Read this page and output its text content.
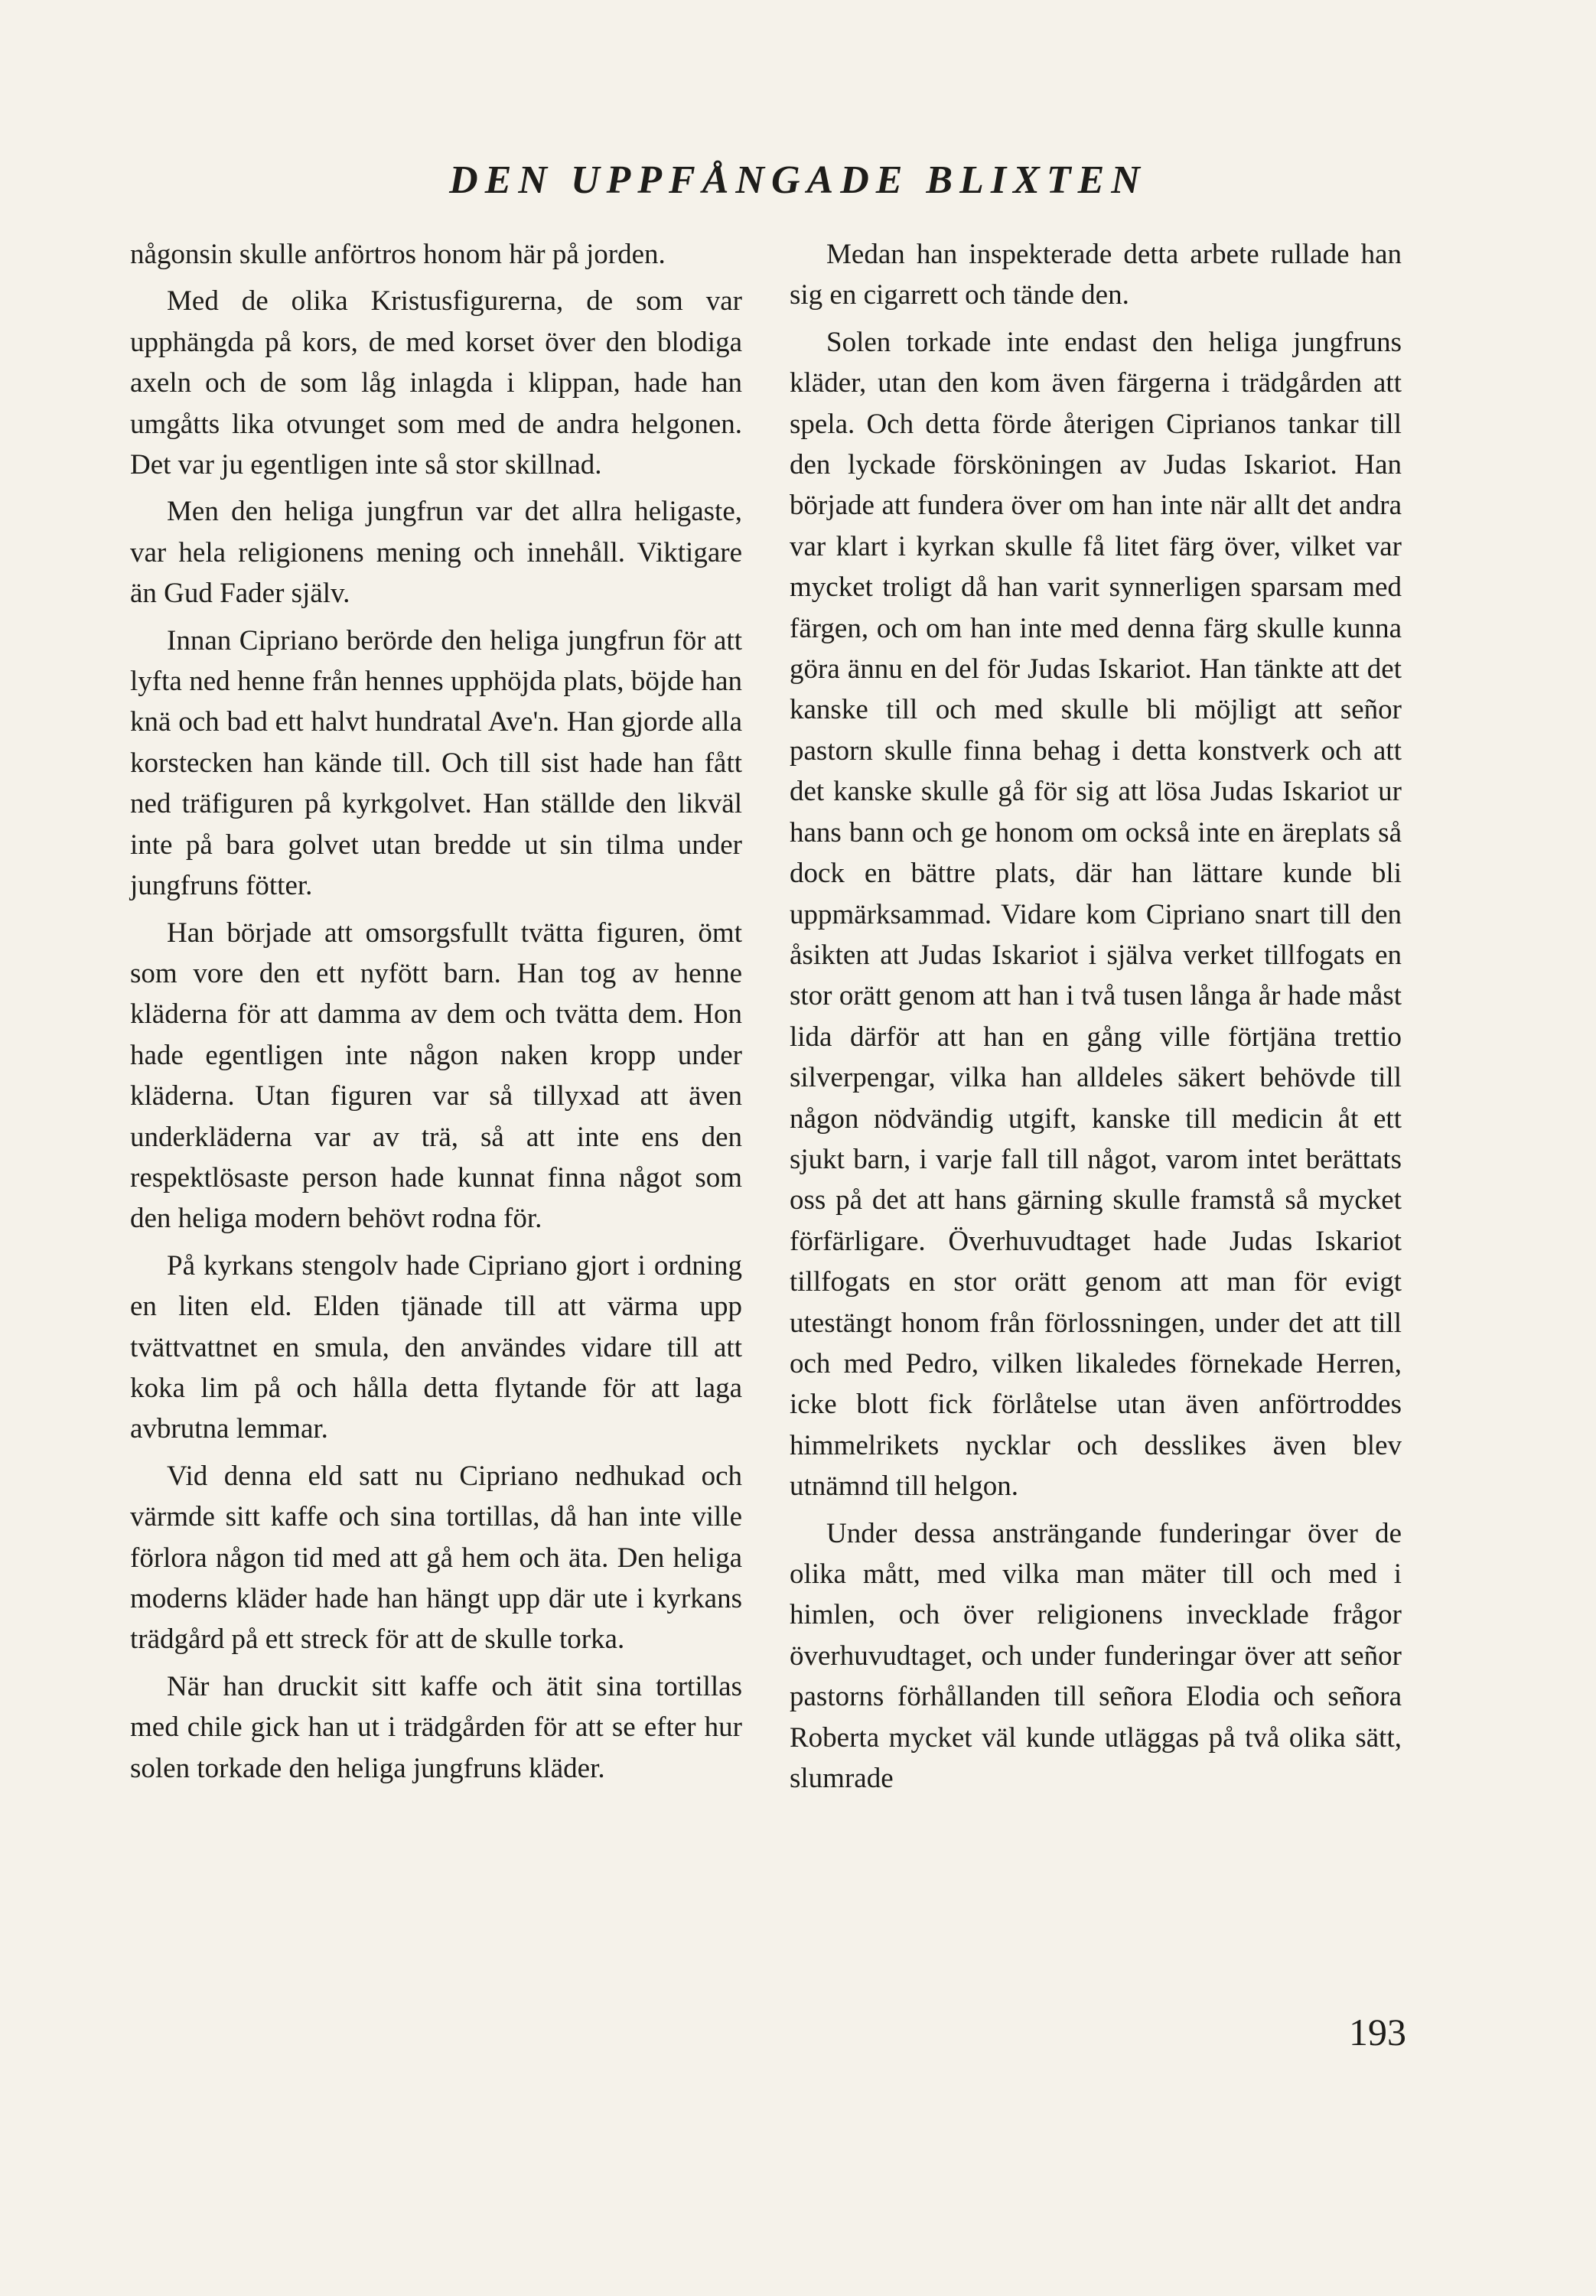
DEN UPPFÅNGADE BLIXTEN

någonsin skulle anförtros honom här på jorden.

Med de olika Kristusfigurerna, de som var upphängda på kors, de med korset över den blodiga axeln och de som låg inlagda i klippan, hade han umgåtts lika otvunget som med de andra helgonen. Det var ju egentligen inte så stor skillnad.

Men den heliga jungfrun var det allra heligaste, var hela religionens mening och innehåll. Viktigare än Gud Fader själv.

Innan Cipriano berörde den heliga jungfrun för att lyfta ned henne från hennes upphöjda plats, böjde han knä och bad ett halvt hundratal Ave'n. Han gjorde alla korstecken han kände till. Och till sist hade han fått ned träfiguren på kyrkgolvet. Han ställde den likväl inte på bara golvet utan bredde ut sin tilma under jungfruns fötter.

Han började att omsorgsfullt tvätta figuren, ömt som vore den ett nyfött barn. Han tog av henne kläderna för att damma av dem och tvätta dem. Hon hade egentligen inte någon naken kropp under kläderna. Utan figuren var så tillyxad att även underkläderna var av trä, så att inte ens den respektlösaste person hade kunnat finna något som den heliga modern behövt rodna för.

På kyrkans stengolv hade Cipriano gjort i ordning en liten eld. Elden tjänade till att värma upp tvättvattnet en smula, den användes vidare till att koka lim på och hålla detta flytande för att laga avbrutna lemmar.

Vid denna eld satt nu Cipriano nedhukad och värmde sitt kaffe och sina tortillas, då han inte ville förlora någon tid med att gå hem och äta. Den heliga moderns kläder hade han hängt upp där ute i kyrkans trädgård på ett streck för att de skulle torka.

När han druckit sitt kaffe och ätit sina tortillas med chile gick han ut i trädgården för att se efter hur solen torkade den heliga jungfruns kläder.

Medan han inspekterade detta arbete rullade han sig en cigarrett och tände den.

Solen torkade inte endast den heliga jungfruns kläder, utan den kom även färgerna i trädgården att spela. Och detta förde återigen Ciprianos tankar till den lyckade försköningen av Judas Iskariot. Han började att fundera över om han inte när allt det andra var klart i kyrkan skulle få litet färg över, vilket var mycket troligt då han varit synnerligen sparsam med färgen, och om han inte med denna färg skulle kunna göra ännu en del för Judas Iskariot. Han tänkte att det kanske till och med skulle bli möjligt att señor pastorn skulle finna behag i detta konstverk och att det kanske skulle gå för sig att lösa Judas Iskariot ur hans bann och ge honom om också inte en äreplats så dock en bättre plats, där han lättare kunde bli uppmärksammad. Vidare kom Cipriano snart till den åsikten att Judas Iskariot i själva verket tillfogats en stor orätt genom att han i två tusen långa år hade måst lida därför att han en gång ville förtjäna trettio silverpengar, vilka han alldeles säkert behövde till någon nödvändig utgift, kanske till medicin åt ett sjukt barn, i varje fall till något, varom intet berättats oss på det att hans gärning skulle framstå så mycket förfärligare. Överhuvudtaget hade Judas Iskariot tillfogats en stor orätt genom att man för evigt utestängt honom från förlossningen, under det att till och med Pedro, vilken likaledes förnekade Herren, icke blott fick förlåtelse utan även anförtroddes himmelrikets nycklar och desslikes även blev utnämnd till helgon.

Under dessa ansträngande funderingar över de olika mått, med vilka man mäter till och med i himlen, och över religionens invecklade frågor överhuvudtaget, och under funderingar över att señor pastorns förhållanden till señora Elodia och señora Roberta mycket väl kunde utläggas på två olika sätt, slumrade

193
